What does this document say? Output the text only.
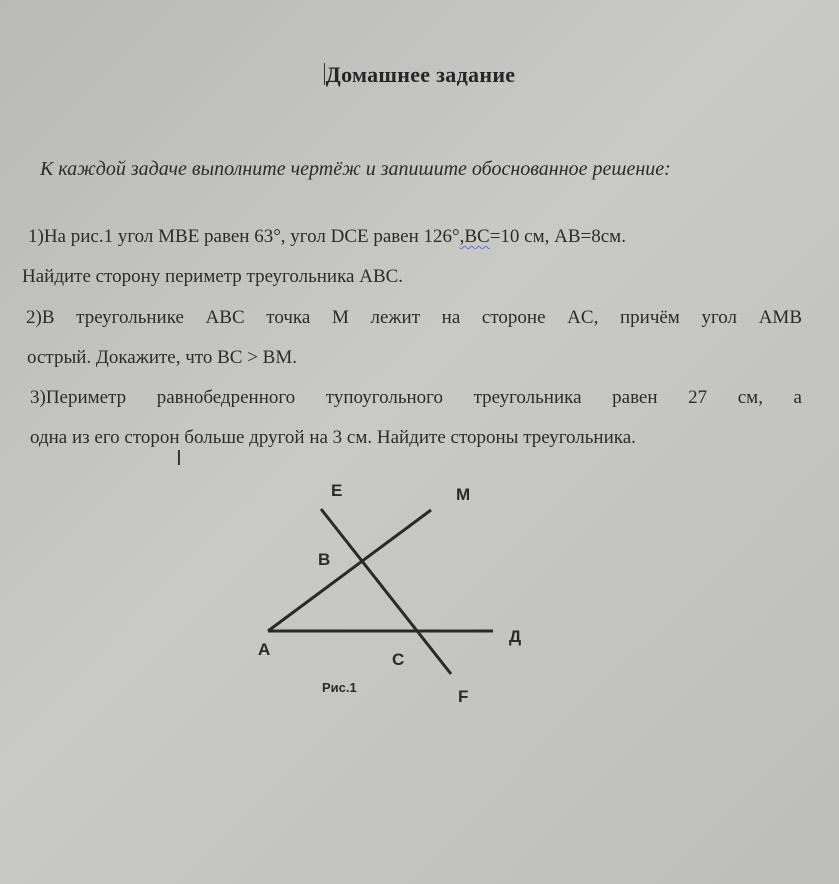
Домашнее задание
К каждой задаче выполните чертёж и запишите обоснованное решение:
1)На рис.1 угол MBE равен 63°, угол DCE равен 126°,BC=10 см, AB=8см.
Найдите сторону периметр треугольника ABC.
2)В треугольнике ABC точка M лежит на стороне AC, причём угол AMB
острый. Докажите, что BC > BM.
3)Периметр равнобедренного тупоугольного треугольника равен 27 см, а
одна из его сторон больше другой на 3 см. Найдите стороны треугольника.
I
E	M
B
A
C
Д
F
Рис.1
